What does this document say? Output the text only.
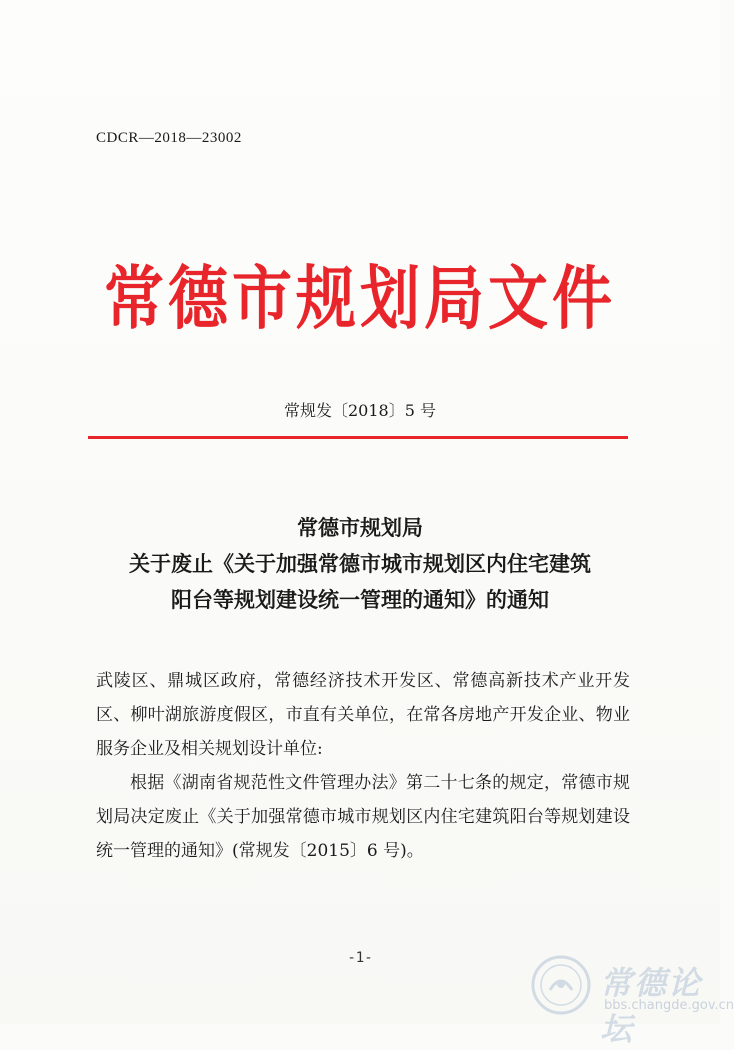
CDCR—2018—23002
常德市规划局文件
常规发〔2018〕5 号
常德市规划局
关于废止《关于加强常德市城市规划区内住宅建筑
阳台等规划建设统一管理的通知》的通知

武陵区、鼎城区政府，常德经济技术开发区、常德高新技术产业开发区、柳叶湖旅游度假区，市直有关单位，在常各房地产开发企业、物业服务企业及相关规划设计单位:

根据《湖南省规范性文件管理办法》第二十七条的规定，常德市规划局决定废止《关于加强常德市城市规划区内住宅建筑阳台等规划建设统一管理的通知》(常规发〔2015〕6 号)。

-1-
常德论坛
bbs.changde.gov.cn
